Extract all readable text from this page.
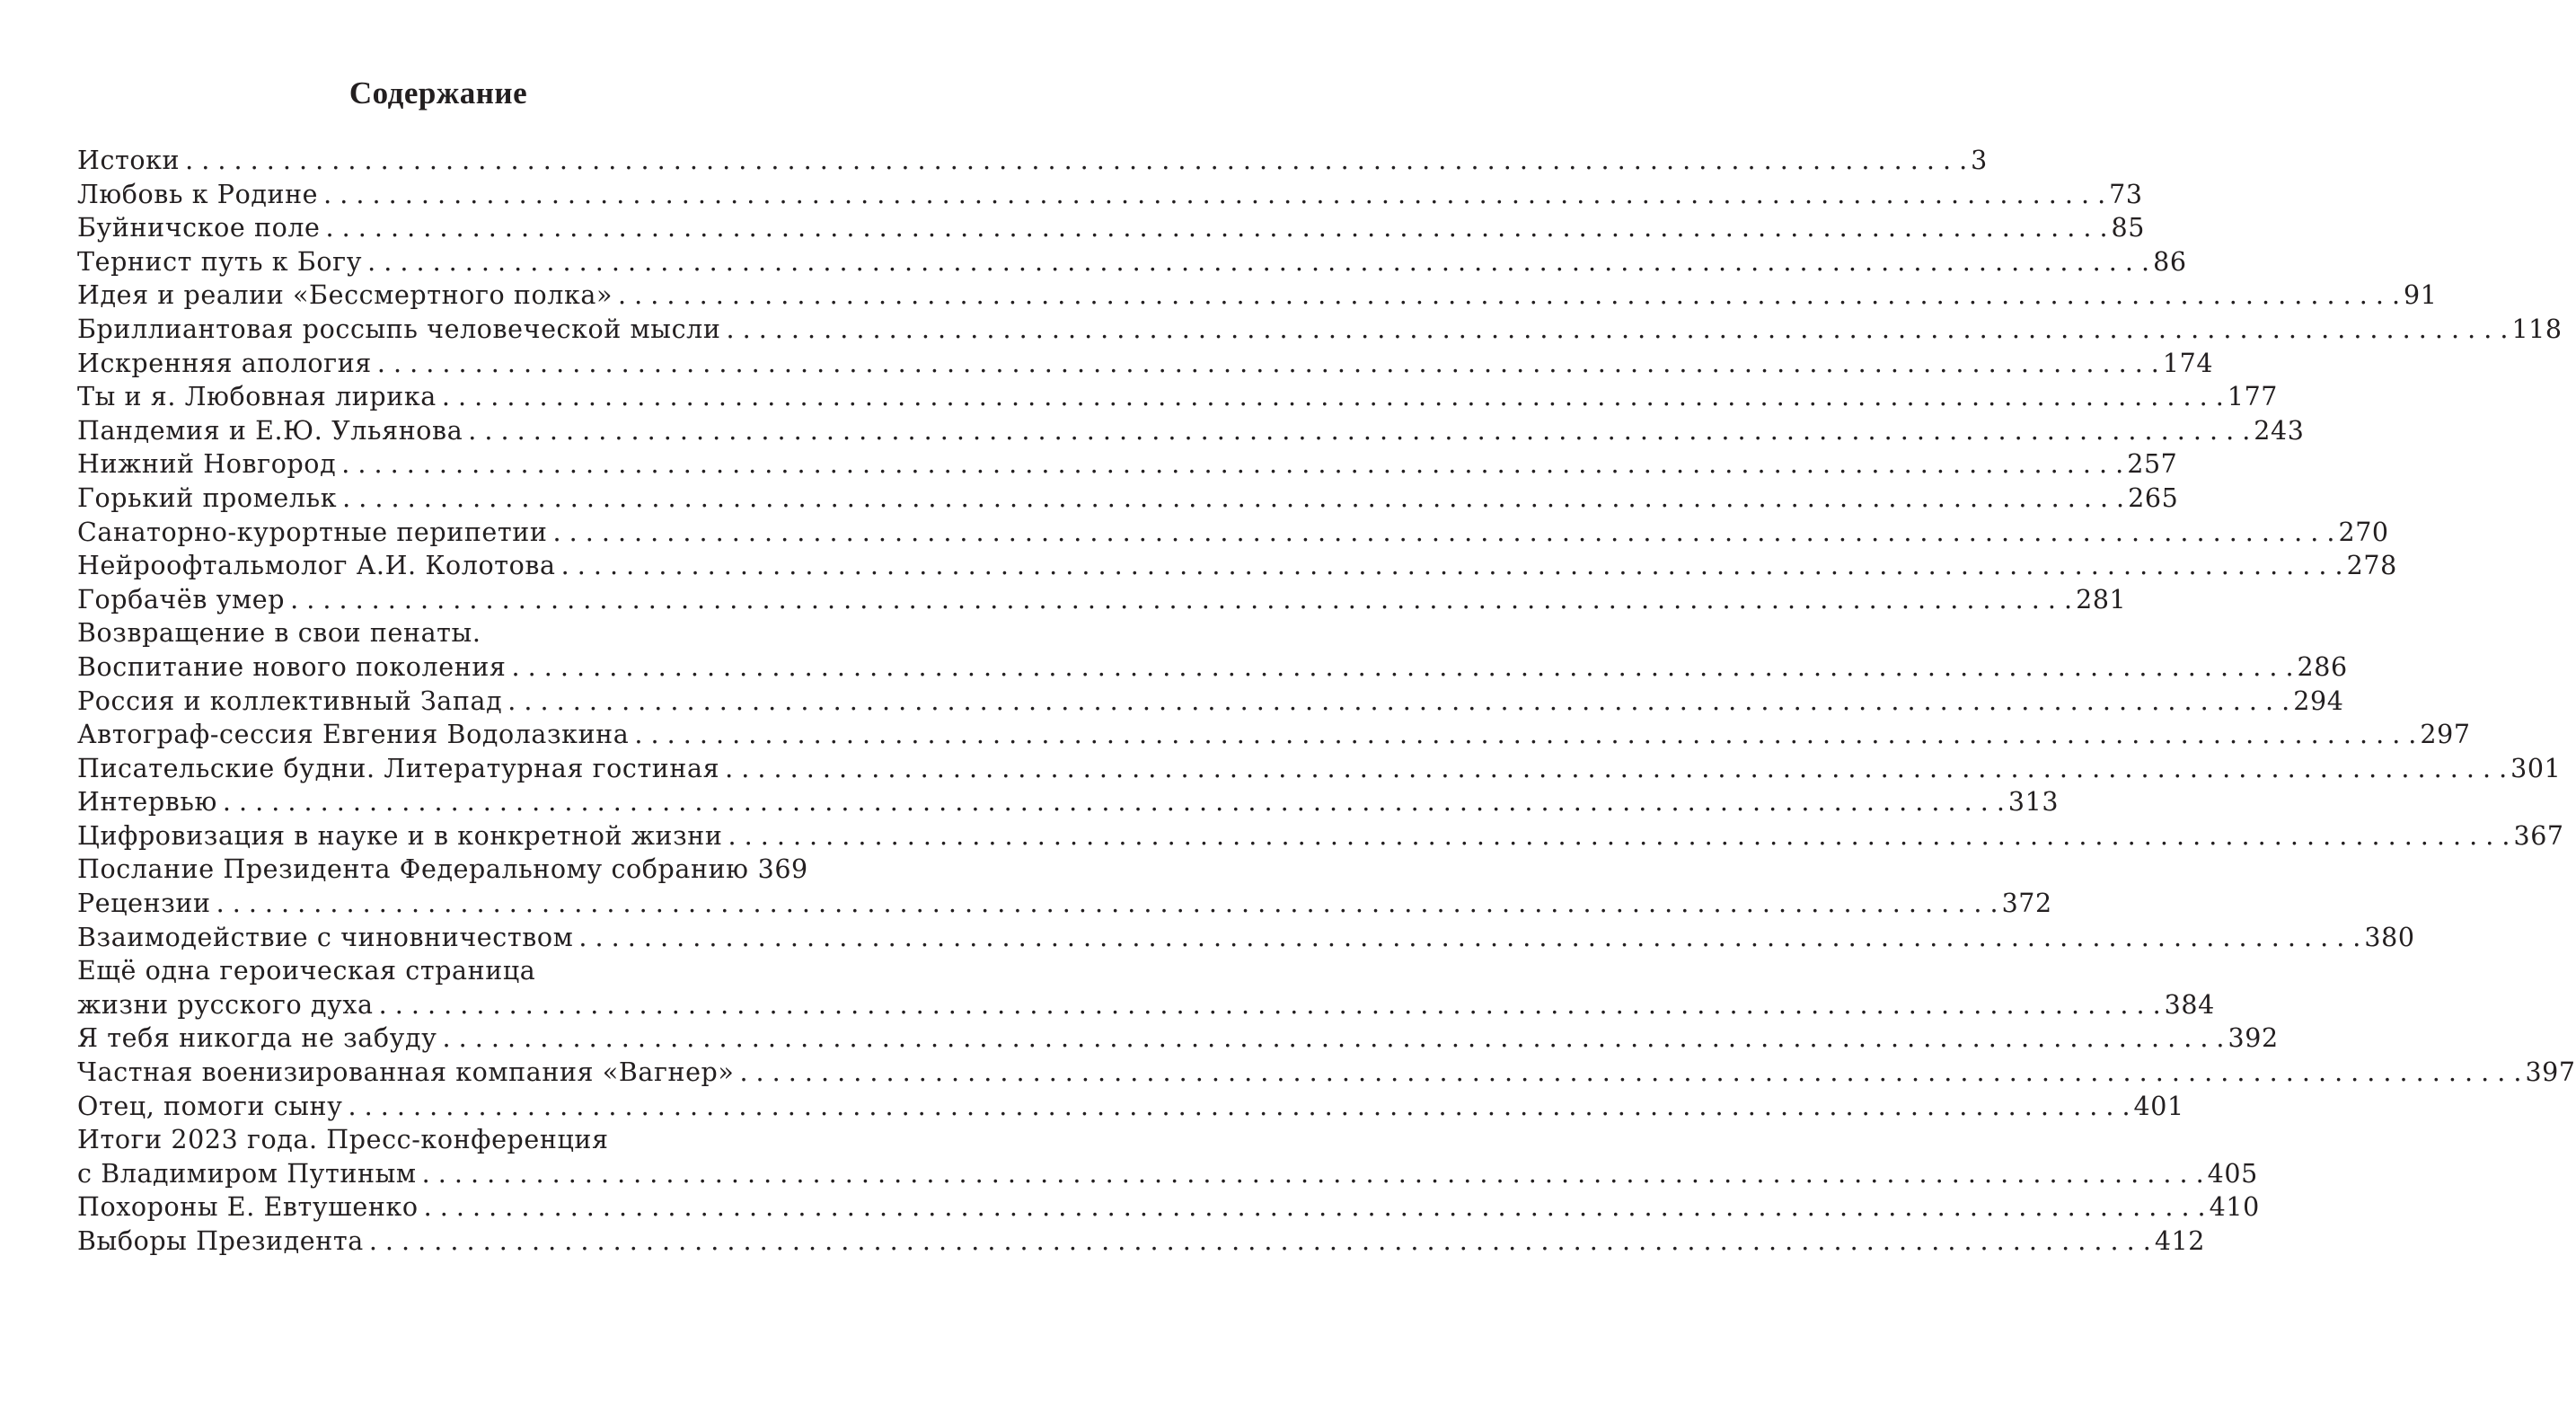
Содержание
Истоки . . .	3
Любовь к Родине . . .	73
Буйничское поле . . .	85
Тернист путь к Богу . . .	86
Идея и реалии «Бессмертного полка» . . .	91
Бриллиантовая россыпь человеческой мысли . . .	118
Искренняя апология . . .	174
Ты и я. Любовная лирика . . .	177
Пандемия и Е.Ю. Ульянова . . .	243
Нижний Новгород . . .	257
Горький промельк . . .	265
Санаторно-курортные перипетии . . .	270
Нейроофтальмолог А.И. Колотова . . .	278
Горбачёв умер . . .	281
Возвращение в свои пенаты.
Воспитание нового поколения . . .	286
Россия и коллективный Запад . . .	294
Автограф-сессия Евгения Водолазкина . . .	297
Писательские будни. Литературная гостиная . . .	301
Интервью . . .	313
Цифровизация в науке и в конкретной жизни . . .	367
Послание Президента Федеральному собранию 369
Рецензии . . .	372
Взаимодействие с чиновничеством . . .	380
Ещё одна героическая страница
жизни русского духа . . .	384
Я тебя никогда не забуду . . .	392
Частная военизированная компания «Вагнер» . . .	397
Отец, помоги сыну . . .	401
Итоги 2023 года. Пресс-конференция
с Владимиром Путиным . . .	405
Похороны Е. Евтушенко . . .	410
Выборы Президента . . .	412
